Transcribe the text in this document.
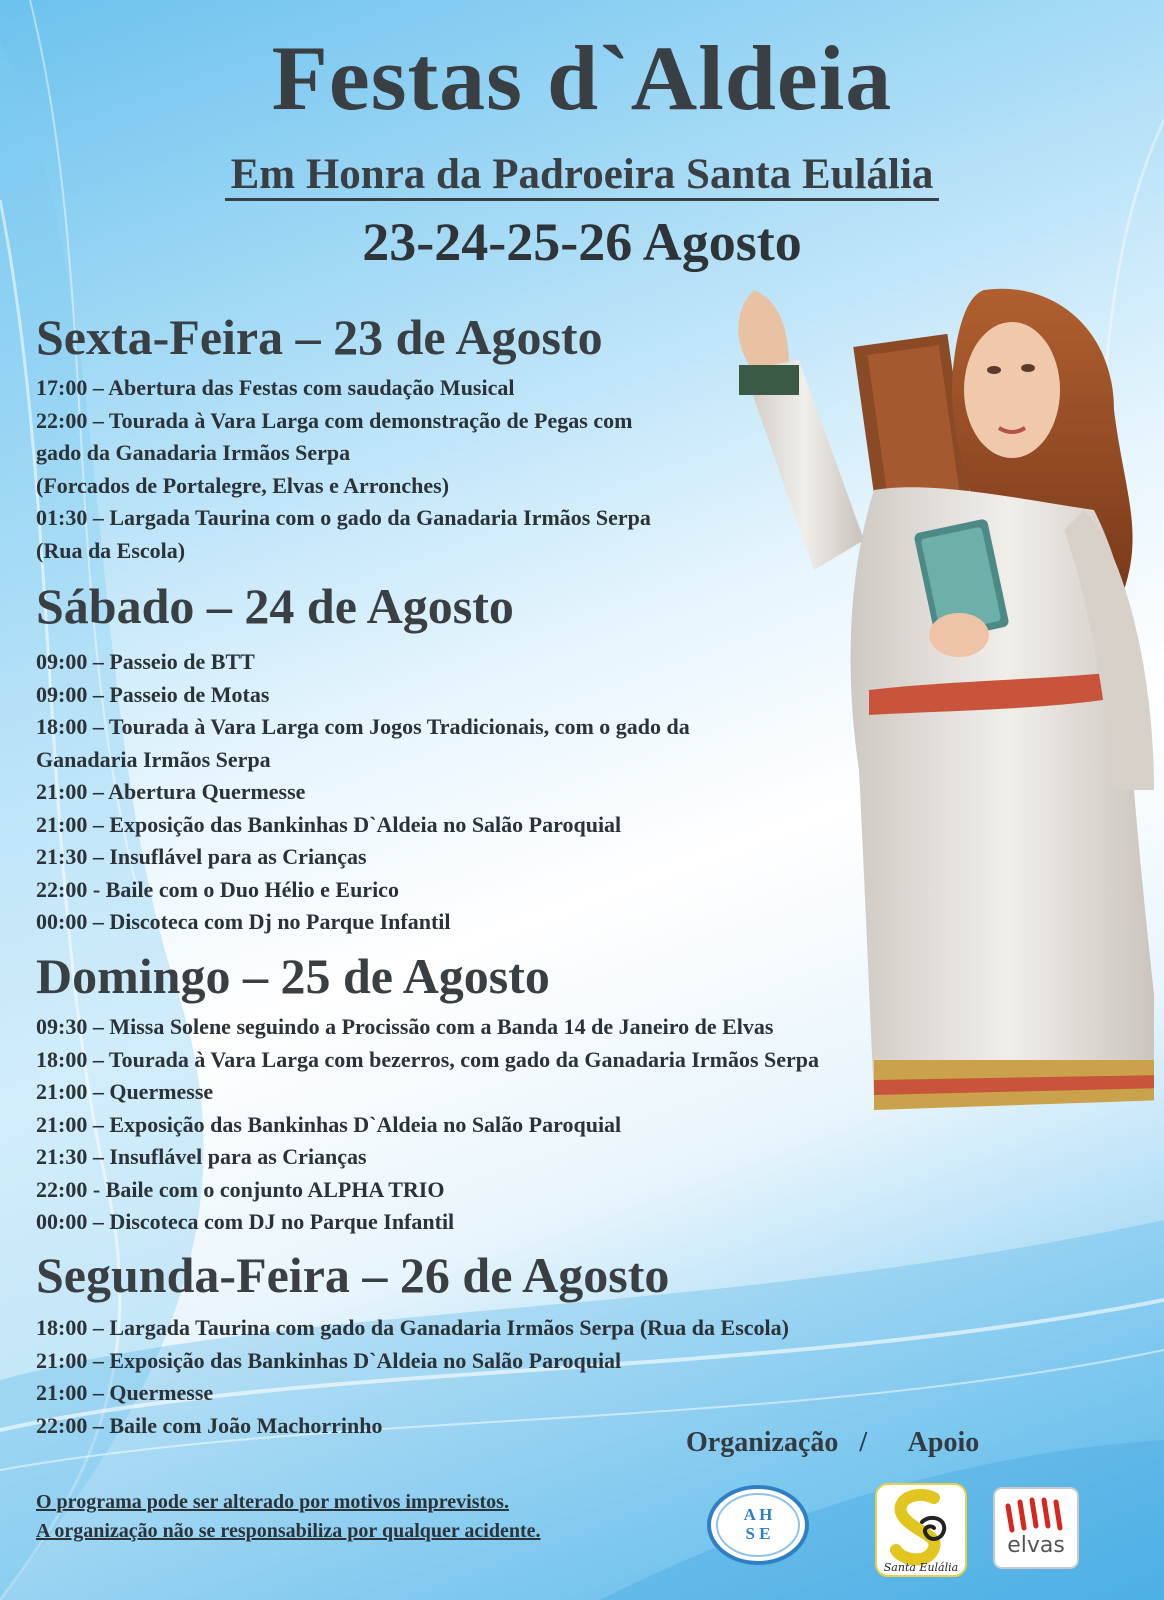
Festas d`Aldeia
Em Honra da Padroeira Santa Eulália
23-24-25-26 Agosto
Sexta-Feira – 23 de Agosto
17:00 – Abertura das Festas com saudação Musical
22:00 – Tourada à Vara Larga com demonstração de Pegas com
gado da Ganadaria Irmãos Serpa
(Forcados de Portalegre, Elvas e Arronches)
01:30 – Largada Taurina com o gado da Ganadaria Irmãos Serpa
(Rua da Escola)
Sábado – 24 de Agosto
09:00 – Passeio de BTT
09:00 – Passeio de Motas
18:00 – Tourada à Vara Larga com Jogos Tradicionais, com o gado da
Ganadaria Irmãos Serpa
21:00 – Abertura Quermesse
21:00 – Exposição das Bankinhas D`Aldeia no Salão Paroquial
21:30 – Insuflável para as Crianças
22:00 - Baile com o Duo Hélio e Eurico
00:00 – Discoteca com Dj no Parque Infantil
Domingo – 25 de Agosto
09:30 – Missa Solene seguindo a Procissão com a Banda 14 de Janeiro de Elvas
18:00 – Tourada à Vara Larga com bezerros, com gado da Ganadaria Irmãos Serpa
21:00 – Quermesse
21:00 – Exposição das Bankinhas D`Aldeia no Salão Paroquial
21:30 – Insuflável para as Crianças
22:00 - Baile com o conjunto ALPHA TRIO
00:00 – Discoteca com DJ no Parque Infantil
Segunda-Feira – 26 de Agosto
18:00 – Largada Taurina com gado da Ganadaria Irmãos Serpa (Rua da Escola)
21:00 – Exposição das Bankinhas D`Aldeia no Salão Paroquial
21:00 – Quermesse
22:00 – Baile com João Machorrinho
Organização   /      Apoio
O programa pode ser alterado por motivos imprevistos.
A organização não se responsabiliza por qualquer acidente.
A H
S E
Santa Eulália
elvas
